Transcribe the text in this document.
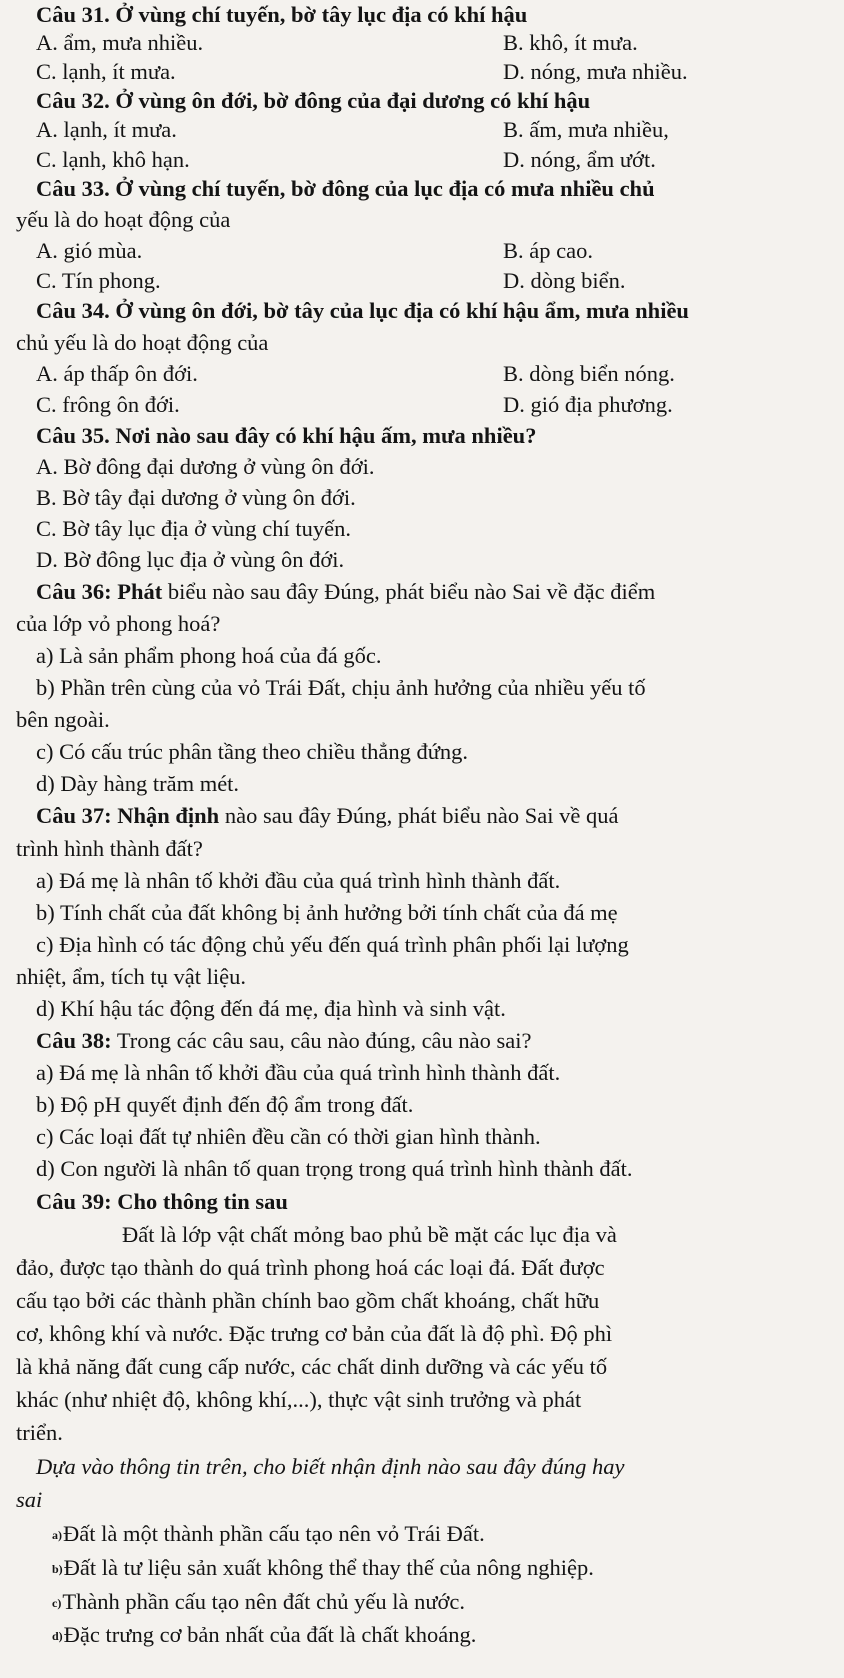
Câu 31. Ở vùng chí tuyến, bờ tây lục địa có khí hậu
A. ẩm, mưa nhiều.	B. khô, ít mưa.
C. lạnh, ít mưa.	D. nóng, mưa nhiều.
Câu 32. Ở vùng ôn đới, bờ đông của đại dương có khí hậu
A. lạnh, ít mưa.	B. ấm, mưa nhiều,
C. lạnh, khô hạn.	D. nóng, ẩm ướt.
Câu 33. Ở vùng chí tuyến, bờ đông của lục địa có mưa nhiều chủ
yếu là do hoạt động của
A. gió mùa.	B. áp cao.
C. Tín phong.	D. dòng biển.
Câu 34. Ở vùng ôn đới, bờ tây của lục địa có khí hậu ẩm, mưa nhiều
chủ yếu là do hoạt động của
A. áp thấp ôn đới.	B. dòng biển nóng.
C. frông ôn đới.	D. gió địa phương.
Câu 35. Nơi nào sau đây có khí hậu ấm, mưa nhiều?
A. Bờ đông đại dương ở vùng ôn đới.
B. Bờ tây đại dương ở vùng ôn đới.
C. Bờ tây lục địa ở vùng chí tuyến.
D. Bờ đông lục địa ở vùng ôn đới.
Câu 36: Phát biểu nào sau đây Đúng, phát biểu nào Sai về đặc điểm
của lớp vỏ phong hoá?
a) Là sản phẩm phong hoá của đá gốc.
b) Phần trên cùng của vỏ Trái Đất, chịu ảnh hưởng của nhiều yếu tố
bên ngoài.
c) Có cấu trúc phân tầng theo chiều thẳng đứng.
d) Dày hàng trăm mét.
Câu 37: Nhận định nào sau đây Đúng, phát biểu nào Sai về quá
trình hình thành đất?
a) Đá mẹ là nhân tố khởi đầu của quá trình hình thành đất.
b) Tính chất của đất không bị ảnh hưởng bởi tính chất của đá mẹ
c) Địa hình có tác động chủ yếu đến quá trình phân phối lại lượng
nhiệt, ẩm, tích tụ vật liệu.
d) Khí hậu tác động đến đá mẹ, địa hình và sinh vật.
Câu 38: Trong các câu sau, câu nào đúng, câu nào sai?
a) Đá mẹ là nhân tố khởi đầu của quá trình hình thành đất.
b) Độ pH quyết định đến độ ẩm trong đất.
c) Các loại đất tự nhiên đều cần có thời gian hình thành.
d) Con người là nhân tố quan trọng trong quá trình hình thành đất.
Câu 39: Cho thông tin sau
Đất là lớp vật chất mỏng bao phủ bề mặt các lục địa và
đảo, được tạo thành do quá trình phong hoá các loại đá. Đất được
cấu tạo bởi các thành phần chính bao gồm chất khoáng, chất hữu
cơ, không khí và nước. Đặc trưng cơ bản của đất là độ phì. Độ phì
là khả năng đất cung cấp nước, các chất dinh dưỡng và các yếu tố
khác (như nhiệt độ, không khí,...), thực vật sinh trưởng và phát
triển.
Dựa vào thông tin trên, cho biết nhận định nào sau đây đúng hay
sai
a)Đất là một thành phần cấu tạo nên vỏ Trái Đất.
b)Đất là tư liệu sản xuất không thể thay thế của nông nghiệp.
c)Thành phần cấu tạo nên đất chủ yếu là nước.
d)Đặc trưng cơ bản nhất của đất là chất khoáng.
